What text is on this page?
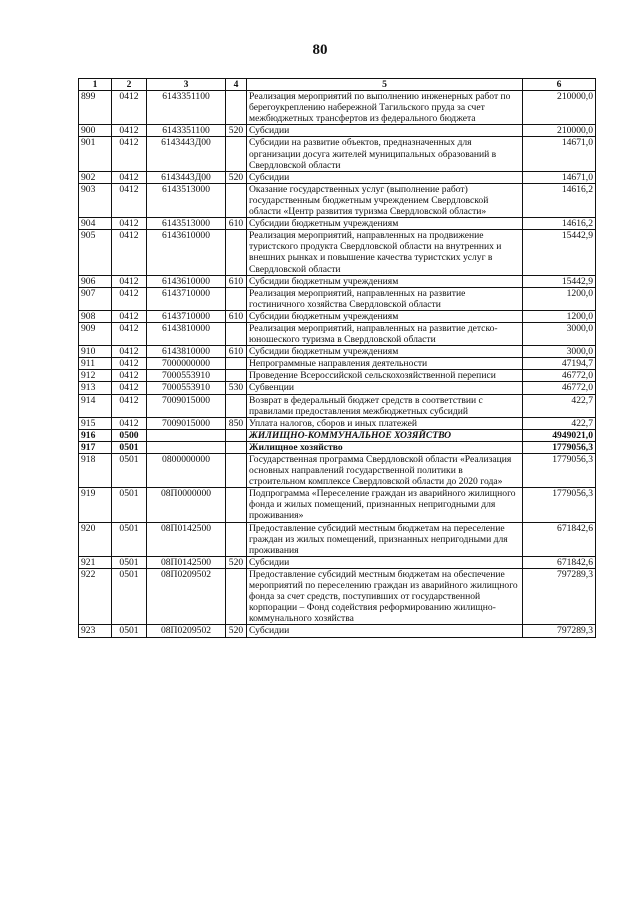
80
1	2	3	4	5	6
899	0412	6143351100		Реализация мероприятий по выполнению инженерных работ по берегоукреплению набережной Тагильского пруда за счет межбюджетных трансфертов из федерального бюджета	210000,0
900	0412	6143351100	520	Субсидии	210000,0
901	0412	6143443Д00		Субсидии на развитие объектов, предназначенных для организации досуга жителей муниципальных образований в Свердловской области	14671,0
902	0412	6143443Д00	520	Субсидии	14671,0
903	0412	6143513000		Оказание государственных услуг (выполнение работ) государственным бюджетным учреждением Свердловской области «Центр развития туризма Свердловской области»	14616,2
904	0412	6143513000	610	Субсидии бюджетным учреждениям	14616,2
905	0412	6143610000		Реализация мероприятий, направленных на продвижение туристского продукта Свердловской области на внутренних и внешних рынках и повышение качества туристских услуг в Свердловской области	15442,9
906	0412	6143610000	610	Субсидии бюджетным учреждениям	15442,9
907	0412	6143710000		Реализация мероприятий, направленных на развитие гостиничного хозяйства Свердловской области	1200,0
908	0412	6143710000	610	Субсидии бюджетным учреждениям	1200,0
909	0412	6143810000		Реализация мероприятий, направленных на развитие детско-юношеского туризма в Свердловской области	3000,0
910	0412	6143810000	610	Субсидии бюджетным учреждениям	3000,0
911	0412	7000000000		Непрограммные направления деятельности	47194,7
912	0412	7000553910		Проведение Всероссийской сельскохозяйственной переписи	46772,0
913	0412	7000553910	530	Субвенции	46772,0
914	0412	7009015000		Возврат в федеральный бюджет средств в соответствии с правилами предоставления межбюджетных субсидий	422,7
915	0412	7009015000	850	Уплата налогов, сборов и иных платежей	422,7
916	0500			ЖИЛИЩНО-КОММУНАЛЬНОЕ ХОЗЯЙСТВО	4949021,0
917	0501			Жилищное хозяйство	1779056,3
918	0501	0800000000		Государственная программа Свердловской области «Реализация основных направлений государственной политики в строительном комплексе Свердловской области до 2020 года»	1779056,3
919	0501	08П0000000		Подпрограмма «Переселение граждан из аварийного жилищного фонда и жилых помещений, признанных непригодными для проживания»	1779056,3
920	0501	08П0142500		Предоставление субсидий местным бюджетам на переселение граждан из жилых помещений, признанных непригодными для проживания	671842,6
921	0501	08П0142500	520	Субсидии	671842,6
922	0501	08П0209502		Предоставление субсидий местным бюджетам на обеспечение мероприятий по переселению граждан из аварийного жилищного фонда за счет средств, поступивших от государственной корпорации – Фонд содействия реформированию жилищно-коммунального хозяйства	797289,3
923	0501	08П0209502	520	Субсидии	797289,3
